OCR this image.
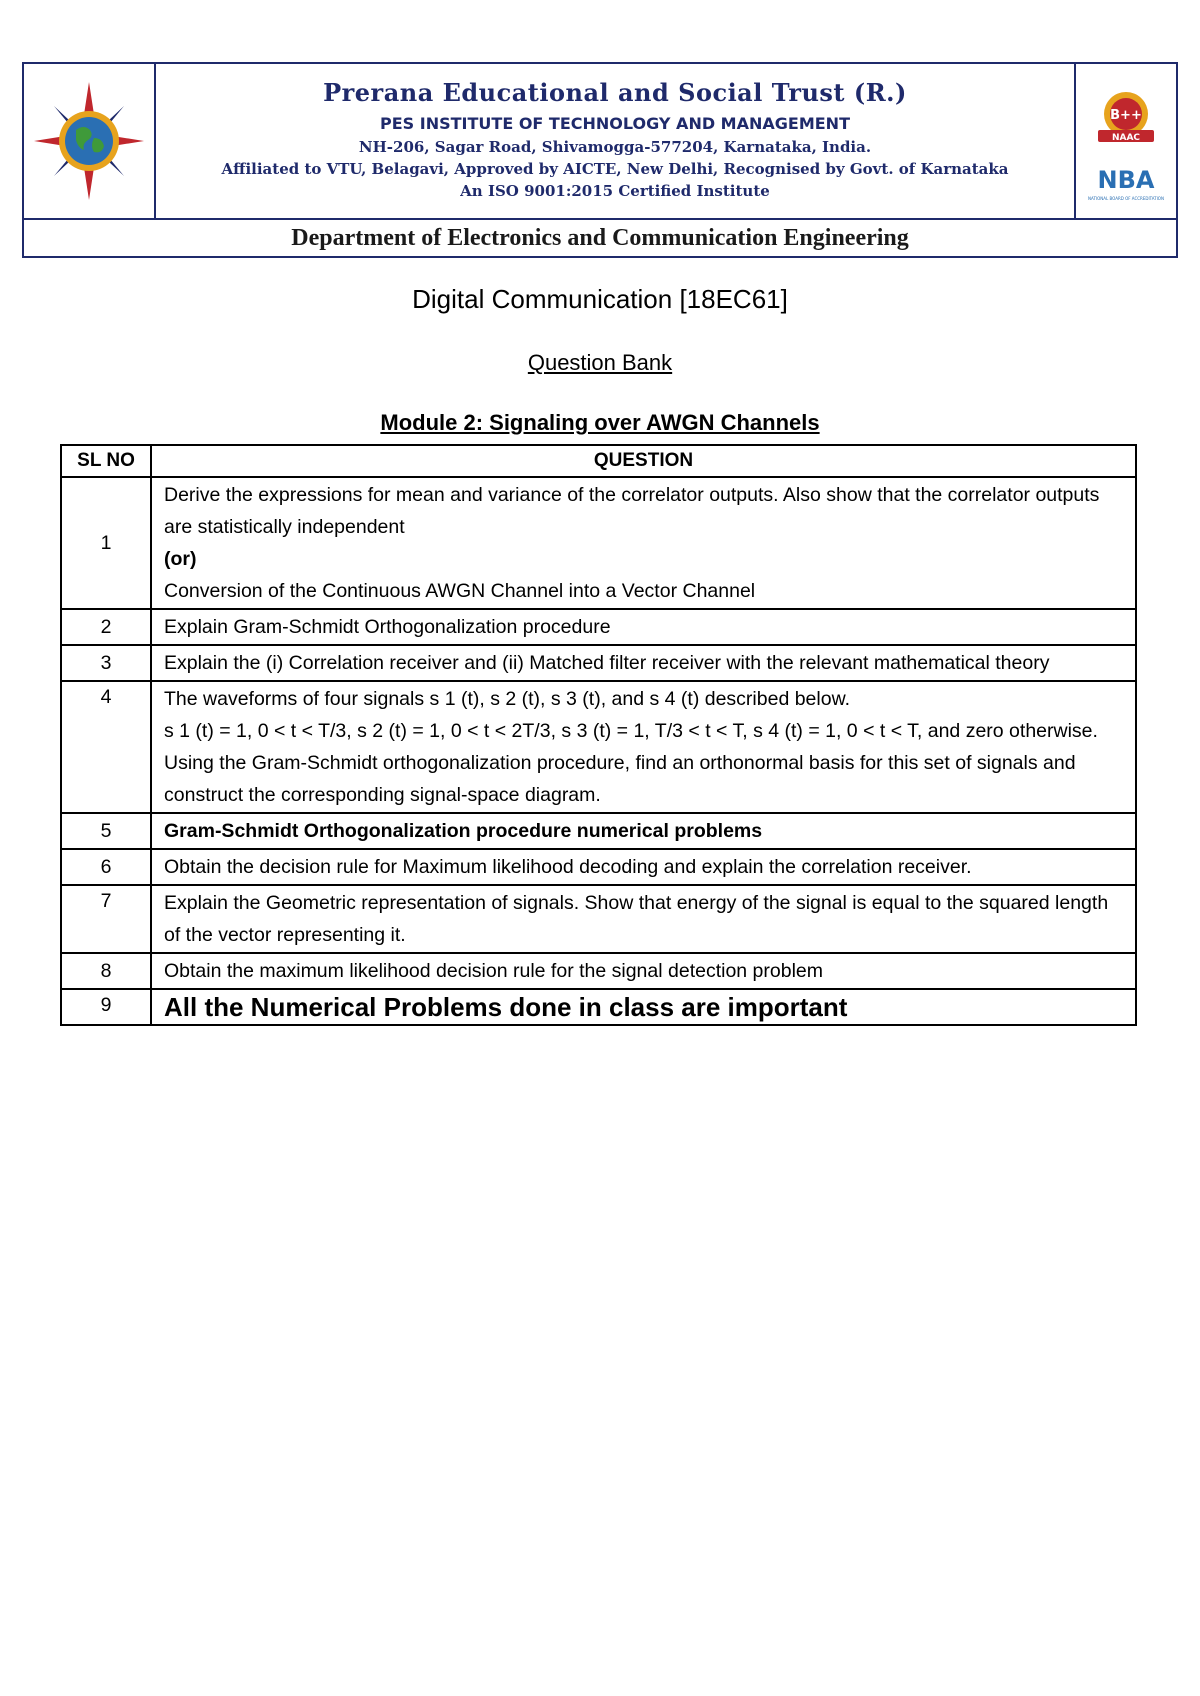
Prerana Educational and Social Trust (R.)
PES INSTITUTE OF TECHNOLOGY AND MANAGEMENT
NH-206, Sagar Road, Shivamogga-577204, Karnataka, India.
Affiliated to VTU, Belagavi, Approved by AICTE, New Delhi, Recognised by Govt. of Karnataka
An ISO 9001:2015 Certified Institute
B++
NAAC
NBA
NATIONAL BOARD OF ACCREDITATION
Department of Electronics and Communication Engineering
Digital Communication [18EC61]
Question Bank
Module 2: Signaling over AWGN Channels
SL NO	QUESTION
1	Derive the expressions for mean and variance of the correlator outputs. Also show that the correlator outputs are statistically independent
(or)
Conversion of the Continuous AWGN Channel into a Vector Channel

2	Explain Gram-Schmidt Orthogonalization procedure
3	Explain the (i) Correlation receiver and (ii) Matched filter receiver with the relevant mathematical theory
4	The waveforms of four signals s 1 (t), s 2 (t), s 3 (t), and s 4 (t) described below.
s 1 (t) = 1, 0 < t < T/3, s 2 (t) = 1, 0 < t < 2T/3, s 3 (t) = 1, T/3 < t < T, s 4 (t) = 1, 0 < t < T, and zero otherwise. Using the Gram-Schmidt orthogonalization procedure, find an orthonormal basis for this set of signals and construct the corresponding signal-space diagram.

5	Gram-Schmidt Orthogonalization procedure numerical problems
6	Obtain the decision rule for Maximum likelihood decoding and explain the correlation receiver.
7	Explain the Geometric representation of signals. Show that energy of the signal is equal to the squared length of the vector representing it.
8	Obtain the maximum likelihood decision rule for the signal detection problem
9	All the Numerical Problems done in class are important
